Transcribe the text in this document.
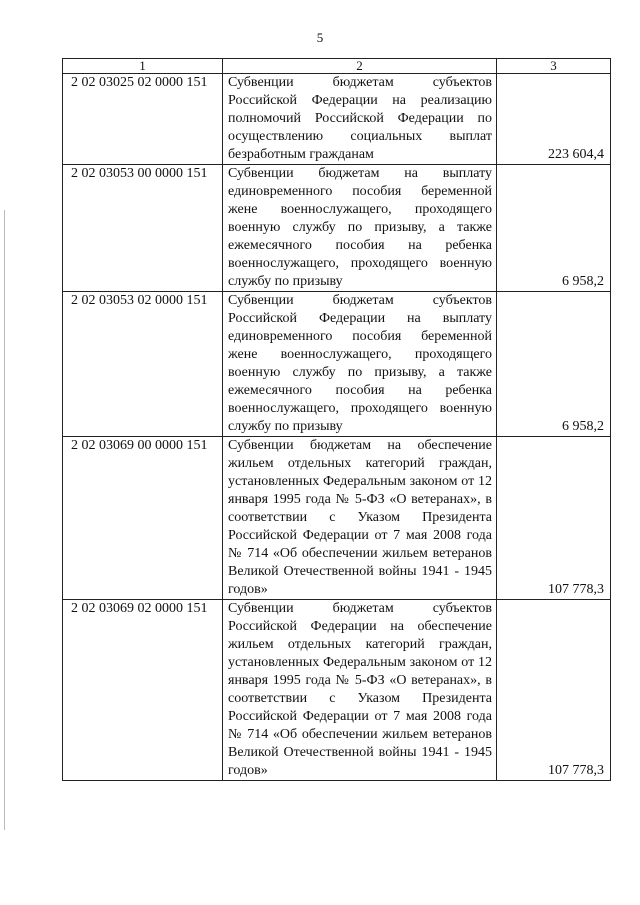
5
1	2	3
2 02 03025 02 0000 151	Субвенции бюджетам субъектов Российской Федерации на реализацию полномочий Российской Федерации по осуществлению социальных выплат безработным гражданам	223 604,4
2 02 03053 00 0000 151	Субвенции бюджетам на выплату единовременного пособия беременной жене военнослужащего, проходящего военную службу по призыву, а также ежемесячного пособия на ребенка военнослужащего, проходящего военную службу по призыву	6 958,2
2 02 03053 02 0000 151	Субвенции бюджетам субъектов Российской Федерации на выплату единовременного пособия беременной жене военнослужащего, проходящего военную службу по призыву, а также ежемесячного пособия на ребенка военнослужащего, проходящего военную службу по призыву	6 958,2
2 02 03069 00 0000 151	Субвенции бюджетам на обеспечение жильем отдельных категорий граждан, установленных Федеральным законом от 12 января 1995 года № 5-ФЗ «О ветеранах», в соответствии с Указом Президента Российской Федерации от 7 мая 2008 года № 714 «Об обеспечении жильем ветеранов Великой Отечественной войны 1941 - 1945 годов»	107 778,3
2 02 03069 02 0000 151	Субвенции бюджетам субъектов Российской Федерации на обеспечение жильем отдельных категорий граждан, установленных Федеральным законом от 12 января 1995 года № 5-ФЗ «О ветеранах», в соответствии с Указом Президента Российской Федерации от 7 мая 2008 года № 714 «Об обеспечении жильем ветеранов Великой Отечественной войны 1941 - 1945 годов»	107 778,3
